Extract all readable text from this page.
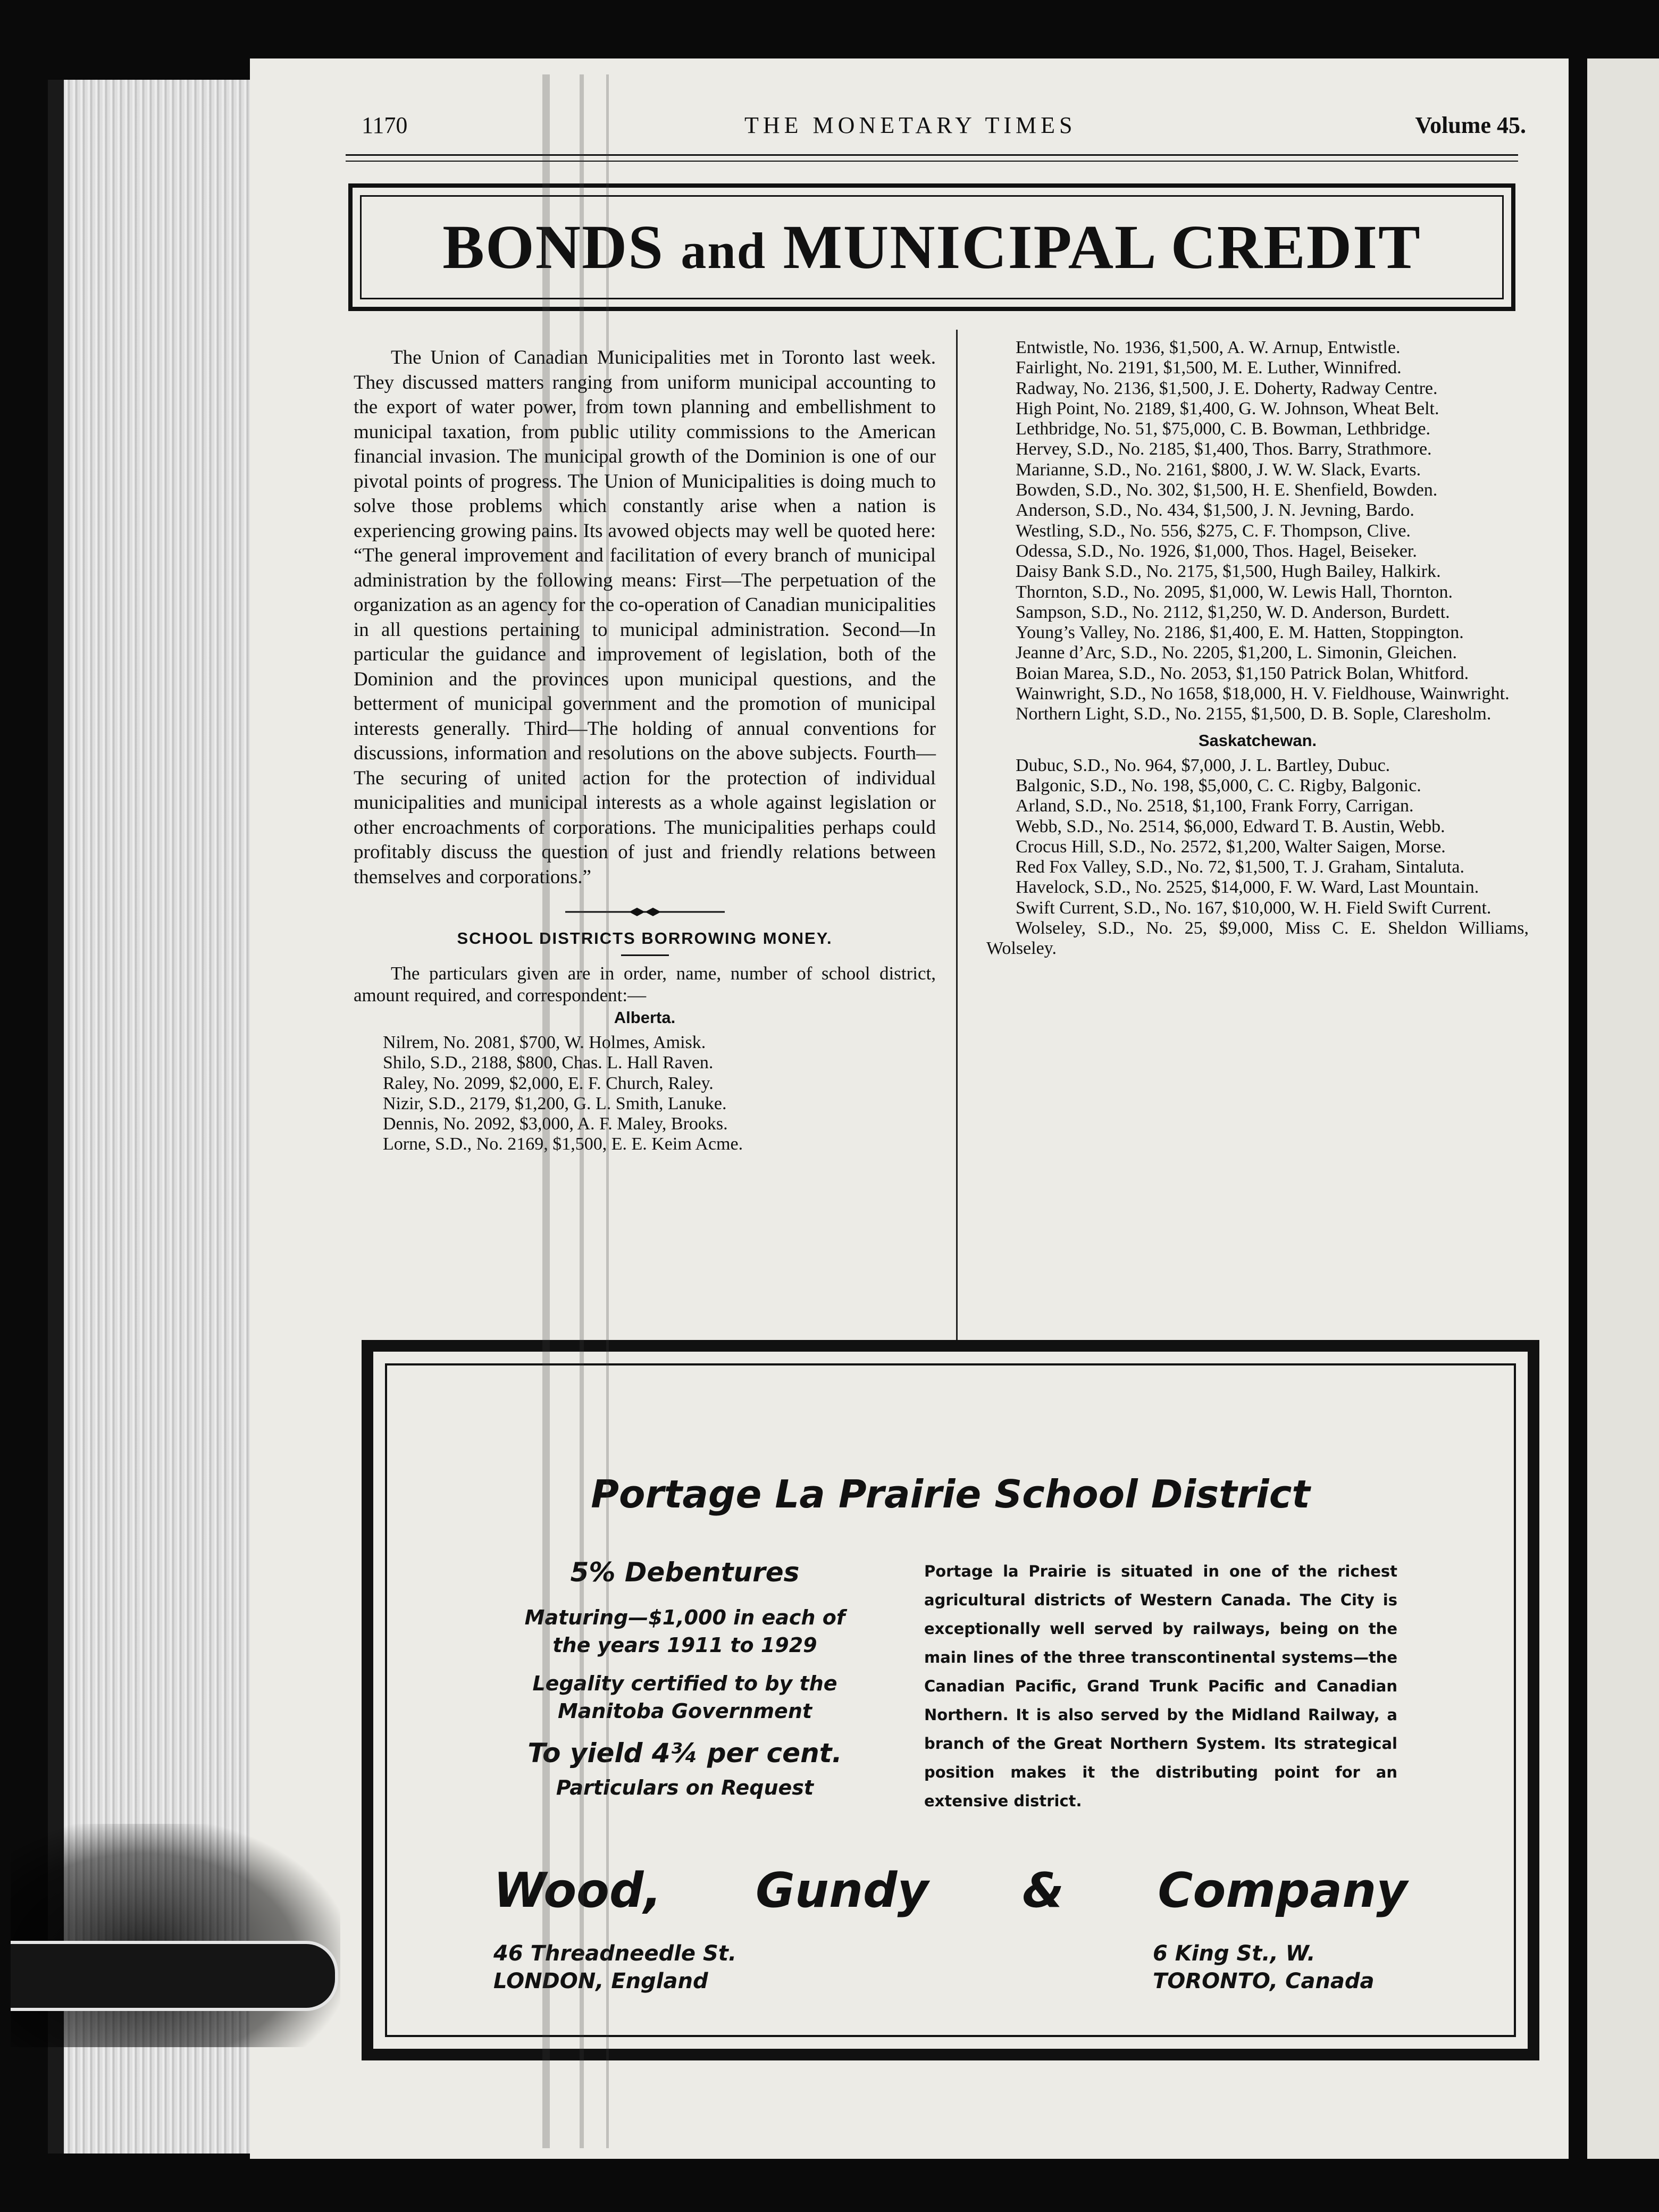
1170	THE MONETARY TIMES	Volume 45.
BONDS and MUNICIPAL CREDIT

The Union of Canadian Municipalities met in Toronto last week. They discussed matters ranging from uniform municipal accounting to the export of water power, from town planning and embellishment to municipal taxation, from public utility commissions to the American financial invasion. The municipal growth of the Dominion is one of our pivotal points of progress. The Union of Municipalities is doing much to solve those problems which constantly arise when a nation is experiencing growing pains. Its avowed objects may well be quoted here: “The general improvement and facilitation of every branch of municipal administration by the following means: First—The perpetuation of the organization as an agency for the co-operation of Canadian municipalities in all questions pertaining to municipal administration. Second—In particular the guidance and improvement of legislation, both of the Dominion and the provinces upon municipal questions, and the betterment of municipal government and the promotion of municipal interests generally. Third—The holding of annual conventions for discussions, information and resolutions on the above subjects. Fourth—The securing of united action for the protection of individual municipalities and municipal interests as a whole against legislation or other encroachments of corporations. The municipalities perhaps could profitably discuss the question of just and friendly relations between themselves and corporations.”

SCHOOL DISTRICTS BORROWING MONEY.

The particulars given are in order, name, number of school district, amount required, and correspondent:—

Alberta.
Nilrem, No. 2081, $700, W. Holmes, Amisk.
Shilo, S.D., 2188, $800, Chas. L. Hall Raven.
Raley, No. 2099, $2,000, E. F. Church, Raley.
Nizir, S.D., 2179, $1,200, G. L. Smith, Lanuke.
Dennis, No. 2092, $3,000, A. F. Maley, Brooks.
Lorne, S.D., No. 2169, $1,500, E. E. Keim Acme.
Entwistle, No. 1936, $1,500, A. W. Arnup, Entwistle.
Fairlight, No. 2191, $1,500, M. E. Luther, Winnifred.
Radway, No. 2136, $1,500, J. E. Doherty, Radway Centre.
High Point, No. 2189, $1,400, G. W. Johnson, Wheat Belt.
Lethbridge, No. 51, $75,000, C. B. Bowman, Lethbridge.
Hervey, S.D., No. 2185, $1,400, Thos. Barry, Strathmore.
Marianne, S.D., No. 2161, $800, J. W. W. Slack, Evarts.
Bowden, S.D., No. 302, $1,500, H. E. Shenfield, Bowden.
Anderson, S.D., No. 434, $1,500, J. N. Jevning, Bardo.
Westling, S.D., No. 556, $275, C. F. Thompson, Clive.
Odessa, S.D., No. 1926, $1,000, Thos. Hagel, Beiseker.
Daisy Bank S.D., No. 2175, $1,500, Hugh Bailey, Halkirk.
Thornton, S.D., No. 2095, $1,000, W. Lewis Hall, Thornton.
Sampson, S.D., No. 2112, $1,250, W. D. Anderson, Burdett.
Young’s Valley, No. 2186, $1,400, E. M. Hatten, Stoppington.
Jeanne d’Arc, S.D., No. 2205, $1,200, L. Simonin, Gleichen.
Boian Marea, S.D., No. 2053, $1,150 Patrick Bolan, Whitford.
Wainwright, S.D., No 1658, $18,000, H. V. Fieldhouse, Wainwright.
Northern Light, S.D., No. 2155, $1,500, D. B. Sople, Claresholm.
Saskatchewan.
Dubuc, S.D., No. 964, $7,000, J. L. Bartley, Dubuc.
Balgonic, S.D., No. 198, $5,000, C. C. Rigby, Balgonic.
Arland, S.D., No. 2518, $1,100, Frank Forry, Carrigan.
Webb, S.D., No. 2514, $6,000, Edward T. B. Austin, Webb.
Crocus Hill, S.D., No. 2572, $1,200, Walter Saigen, Morse.
Red Fox Valley, S.D., No. 72, $1,500, T. J. Graham, Sintaluta.
Havelock, S.D., No. 2525, $14,000, F. W. Ward, Last Mountain.
Swift Current, S.D., No. 167, $10,000, W. H. Field Swift Current.
Wolseley, S.D., No. 25, $9,000, Miss C. E. Sheldon Williams, Wolseley.
Portage La Prairie School District
5% Debentures
Maturing—$1,000 in each of
the years 1911 to 1929
Legality certified to by the
Manitoba Government
To yield 4¾ per cent.
Particulars on Request
Portage la Prairie is situated in one of the richest agricultural districts of Western Canada. The City is exceptionally well served by railways, being on the main lines of the three transcontinental systems—the Canadian Pacific, Grand Trunk Pacific and Canadian Northern. It is also served by the Midland Railway, a branch of the Great Northern System. Its strategical position makes it the distributing point for an extensive district.
Wood, Gundy & Company
46 Threadneedle St.
LONDON, England
6 King St., W.
TORONTO, Canada
